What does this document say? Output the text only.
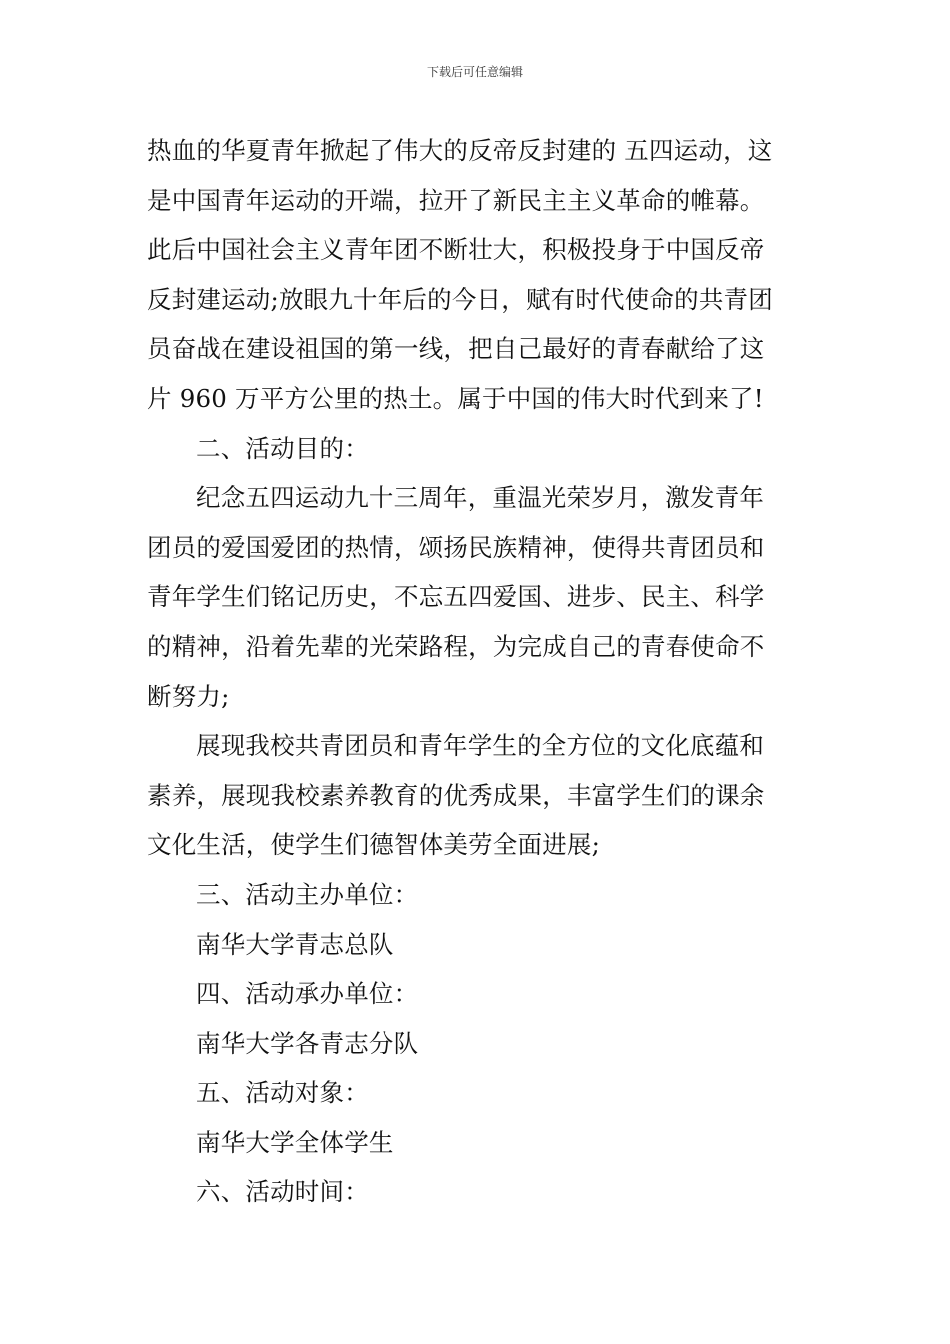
下载后可任意编辑
热血的华夏青年掀起了伟大的反帝反封建的 五四运动，这
是中国青年运动的开端，拉开了新民主主义革命的帷幕。
此后中国社会主义青年团不断壮大，积极投身于中国反帝
反封建运动;放眼九十年后的今日，赋有时代使命的共青团
员奋战在建设祖国的第一线，把自己最好的青春献给了这
片 960 万平方公里的热土。属于中国的伟大时代到来了!
二、活动目的：
纪念五四运动九十三周年，重温光荣岁月，激发青年
团员的爱国爱团的热情，颂扬民族精神，使得共青团员和
青年学生们铭记历史，不忘五四爱国、进步、民主、科学
的精神，沿着先辈的光荣路程，为完成自己的青春使命不
断努力;
展现我校共青团员和青年学生的全方位的文化底蕴和
素养，展现我校素养教育的优秀成果，丰富学生们的课余
文化生活，使学生们德智体美劳全面进展;
三、活动主办单位：
南华大学青志总队
四、活动承办单位：
南华大学各青志分队
五、活动对象：
南华大学全体学生
六、活动时间：
